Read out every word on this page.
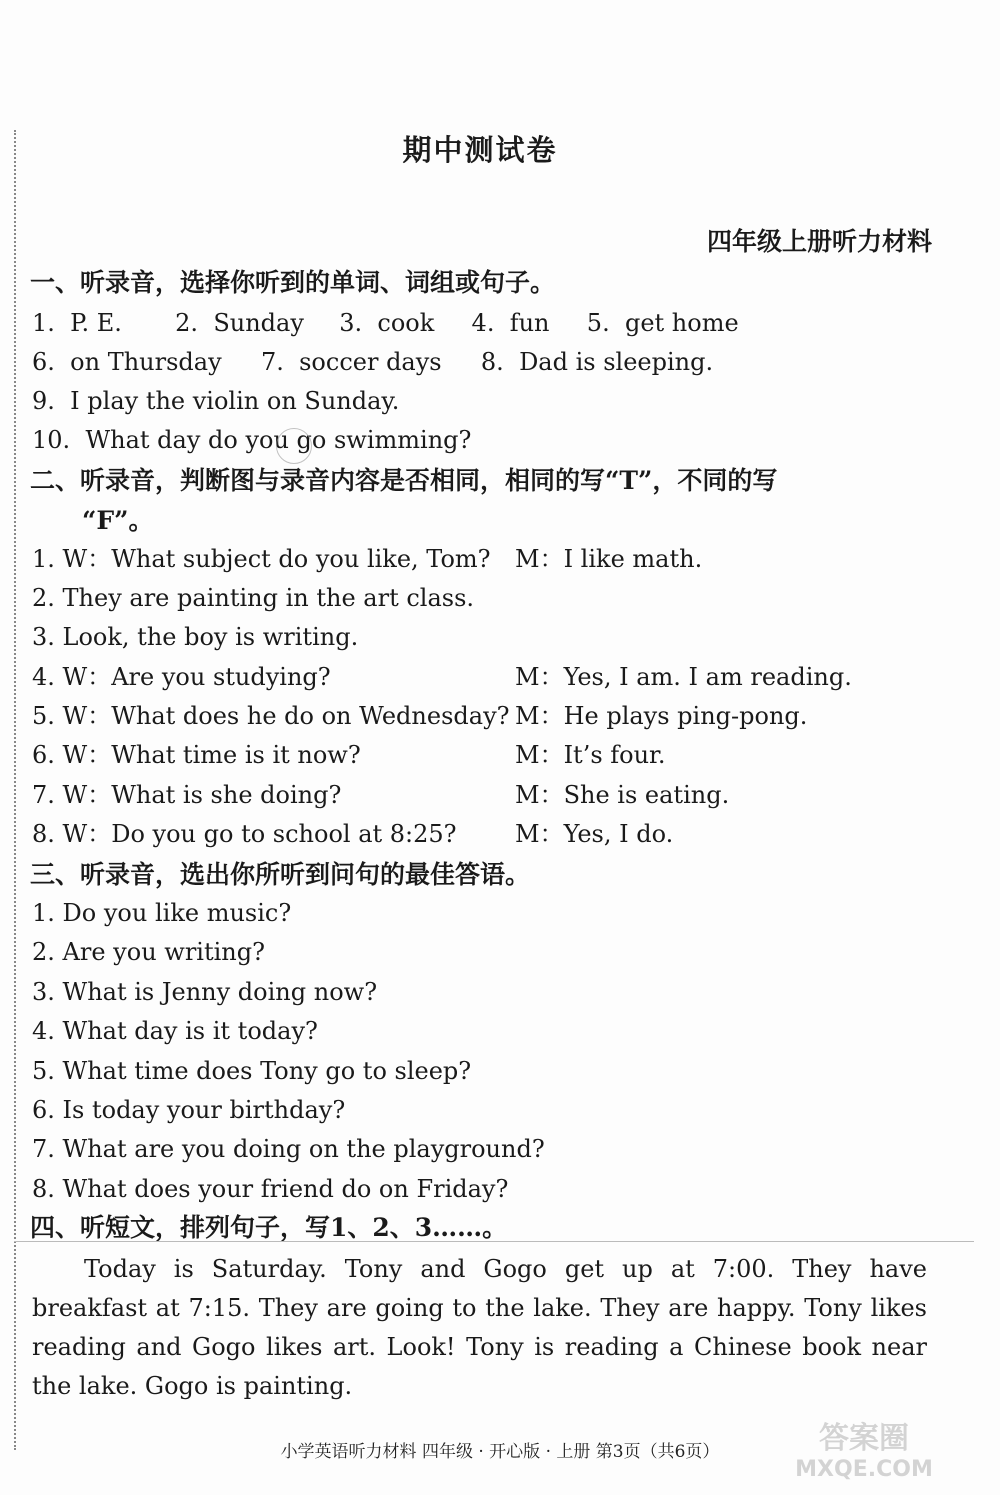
期中测试卷
四年级上册听力材料
一、听录音，选择你听到的单词、词组或句子。
1. P. E. 2. Sunday 3. cook 4. fun 5. get home
6. on Thursday 7. soccer days 8. Dad is sleeping.
9. I play the violin on Sunday.
10. What day do you go swimming?
二、听录音，判断图与录音内容是否相同，相同的写“T”，不同的写
“F”。
1. W：What subject do you like, Tom? M：I like math.
2. They are painting in the art class.
3. Look, the boy is writing.
4. W：Are you studying?	M：Yes, I am. I am reading.
5. W：What does he do on Wednesday? M：He plays ping-pong.
6. W：What time is it now?	M：It’s four.
7. W：What is she doing?	M：She is eating.
8. W：Do you go to school at 8:25? M：Yes, I do.
三、听录音，选出你所听到问句的最佳答语。
1. Do you like music?
2. Are you writing?
3. What is Jenny doing now?
4. What day is it today?
5. What time does Tony go to sleep?
6. Is today your birthday?
7. What are you doing on the playground?
8. What does your friend do on Friday?
四、听短文，排列句子，写1、2、3……。
Today is Saturday. Tony and Gogo get up at 7:00. They have breakfast at 7:15. They are going to the lake. They are happy. Tony likes reading and Gogo likes art. Look! Tony is reading a Chinese book near the lake. Gogo is painting.
小学英语听力材料 四年级 · 开心版 · 上册 第3页（共6页）	答案圈
MXQE.COM
